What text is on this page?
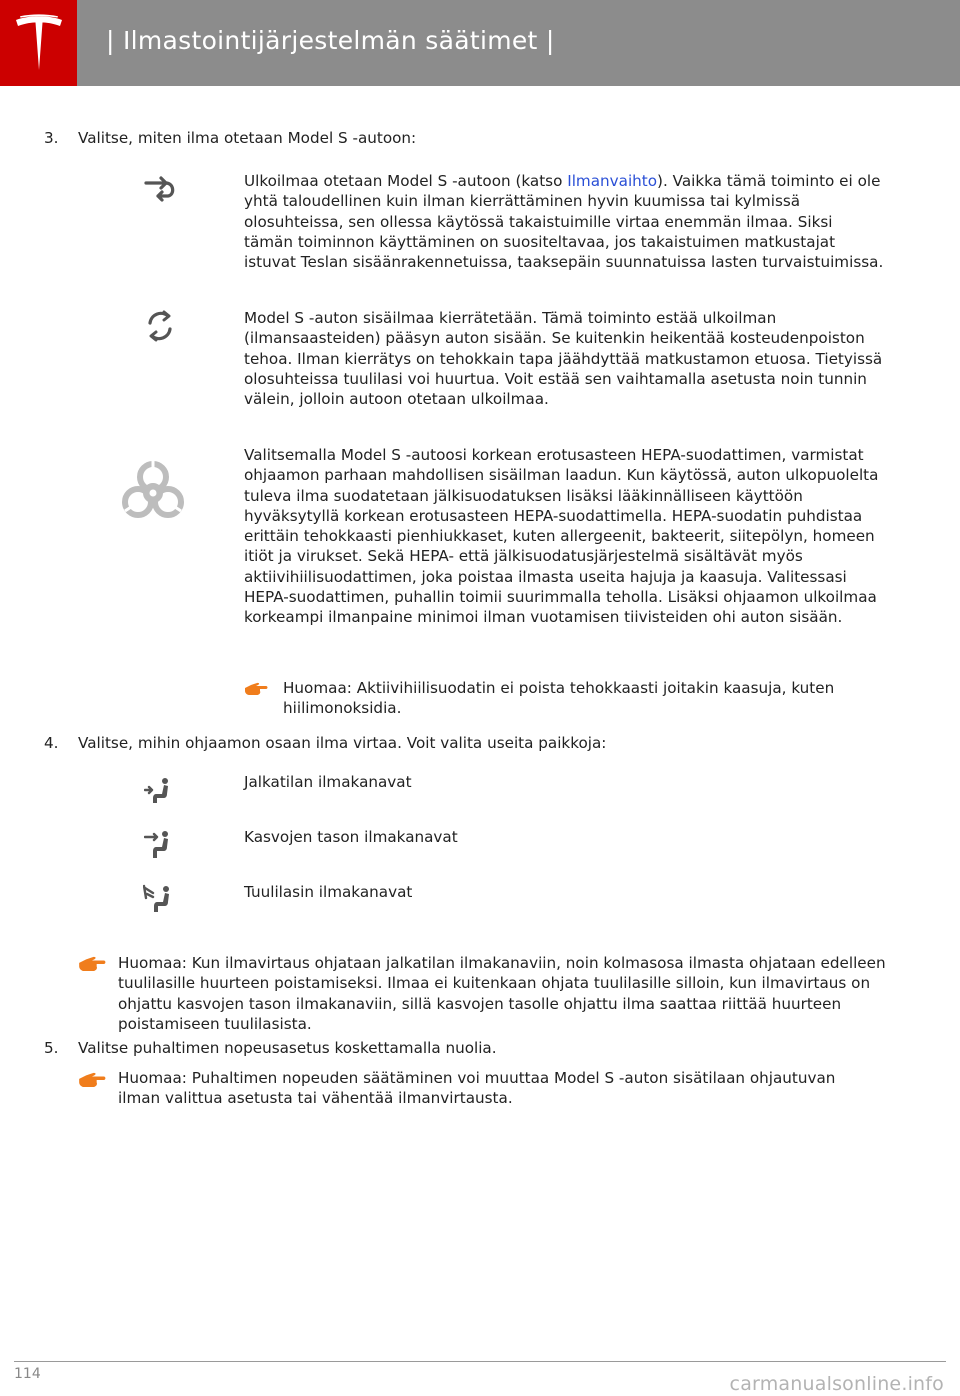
| Ilmastointijärjestelmän säätimet |
3. Valitse, miten ilma otetaan Model S -autoon:
Ulkoilmaa otetaan Model S -autoon (katso Ilmanvaihto). Vaikka tämä toiminto ei ole yhtä taloudellinen kuin ilman kierrättäminen hyvin kuumissa tai kylmissä olosuhteissa, sen ollessa käytössä takaistuimille virtaa enemmän ilmaa. Siksi tämän toiminnon käyttäminen on suositeltavaa, jos takaistuimen matkustajat istuvat Teslan sisäänrakennetuissa, taaksepäin suunnatuissa lasten turvaistuimissa.
Model S -auton sisäilmaa kierrätetään. Tämä toiminto estää ulkoilman (ilmansaasteiden) pääsyn auton sisään. Se kuitenkin heikentää kosteudenpoiston tehoa. Ilman kierrätys on tehokkain tapa jäähdyttää matkustamon etuosa. Tietyissä olosuhteissa tuulilasi voi huurtua. Voit estää sen vaihtamalla asetusta noin tunnin välein, jolloin autoon otetaan ulkoilmaa.
Valitsemalla Model S -autoosi korkean erotusasteen HEPA-suodattimen, varmistat ohjaamon parhaan mahdollisen sisäilman laadun. Kun käytössä, auton ulkopuolelta tuleva ilma suodatetaan jälkisuodatuksen lisäksi lääkinnälliseen käyttöön hyväksytyllä korkean erotusasteen HEPA-suodattimella. HEPA-suodatin puhdistaa erittäin tehokkaasti pienhiukkaset, kuten allergeenit, bakteerit, siitepölyn, homeen itiöt ja virukset. Sekä HEPA- että jälkisuodatusjärjestelmä sisältävät myös aktiivihiilisuodattimen, joka poistaa ilmasta useita hajuja ja kaasuja. Valitessasi HEPA-suodattimen, puhallin toimii suurimmalla teholla. Lisäksi ohjaamon ulkoilmaa korkeampi ilmanpaine minimoi ilman vuotamisen tiivisteiden ohi auton sisään.
Huomaa: Aktiivihiilisuodatin ei poista tehokkaasti joitakin kaasuja, kuten hiilimonoksidia.
4. Valitse, mihin ohjaamon osaan ilma virtaa. Voit valita useita paikkoja:
Jalkatilan ilmakanavat
Kasvojen tason ilmakanavat
Tuulilasin ilmakanavat
Huomaa: Kun ilmavirtaus ohjataan jalkatilan ilmakanaviin, noin kolmasosa ilmasta ohjataan edelleen tuulilasille huurteen poistamiseksi. Ilmaa ei kuitenkaan ohjata tuulilasille silloin, kun ilmavirtaus on ohjattu kasvojen tason ilmakanaviin, sillä kasvojen tasolle ohjattu ilma saattaa riittää huurteen poistamiseen tuulilasista.
5. Valitse puhaltimen nopeusasetus koskettamalla nuolia.
Huomaa: Puhaltimen nopeuden säätäminen voi muuttaa Model S -auton sisätilaan ohjautuvan ilman valittua asetusta tai vähentää ilmanvirtausta.
114	carmanualsonline.info
